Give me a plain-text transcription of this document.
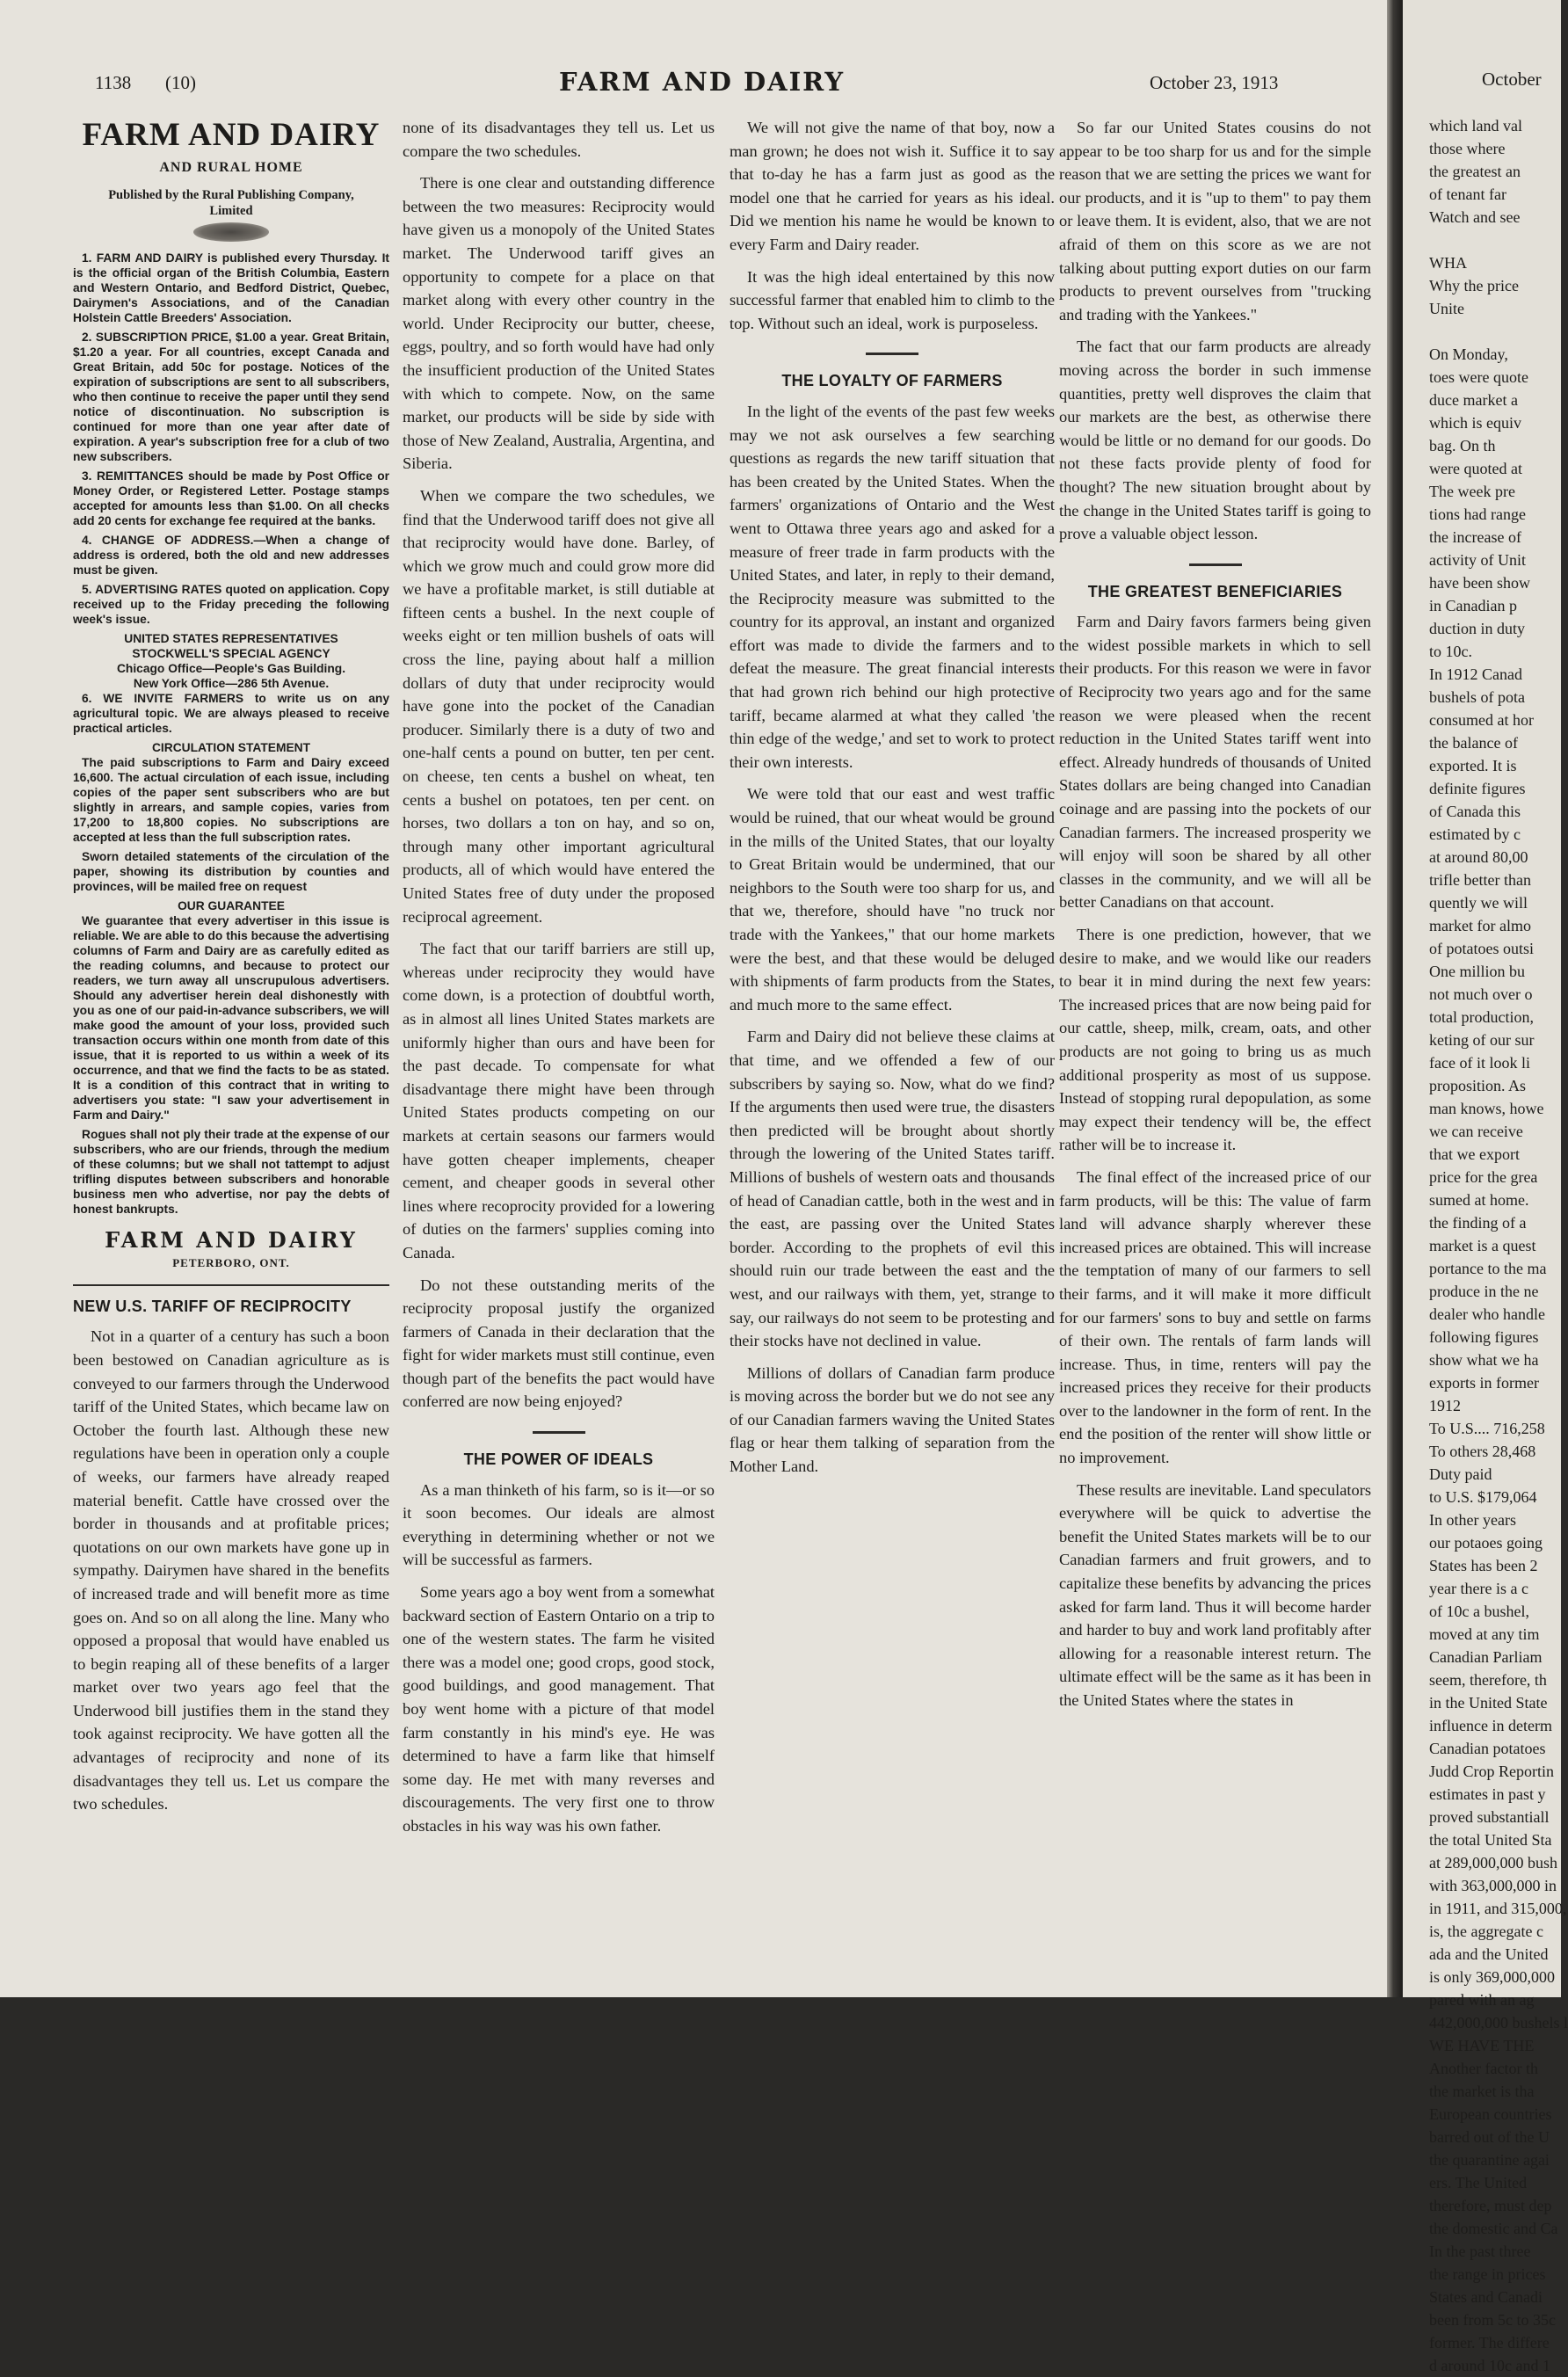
1138 (10)	FARM AND DAIRY	October 23, 1913
FARM AND DAIRY
AND RURAL HOME
Published by the Rural Publishing Company, Limited

1. FARM AND DAIRY is published every Thursday. It is the official organ of the British Columbia, Eastern and Western Ontario, and Bedford District, Quebec, Dairymen's Associations, and of the Canadian Holstein Cattle Breeders' Association.

2. SUBSCRIPTION PRICE, $1.00 a year. Great Britain, $1.20 a year. For all countries, except Canada and Great Britain, add 50c for postage. Notices of the expiration of subscriptions are sent to all subscribers, who then continue to receive the paper until they send notice of discontinuation. No subscription is continued for more than one year after date of expiration. A year's subscription free for a club of two new subscribers.

3. REMITTANCES should be made by Post Office or Money Order, or Registered Letter. Postage stamps accepted for amounts less than $1.00. On all checks add 20 cents for exchange fee required at the banks.

4. CHANGE OF ADDRESS.—When a change of address is ordered, both the old and new addresses must be given.

5. ADVERTISING RATES quoted on application. Copy received up to the Friday preceding the following week's issue.

UNITED STATES REPRESENTATIVES

STOCKWELL'S SPECIAL AGENCY

Chicago Office—People's Gas Building.

New York Office—286 5th Avenue.

6. WE INVITE FARMERS to write us on any agricultural topic. We are always pleased to receive practical articles.

CIRCULATION STATEMENT

The paid subscriptions to Farm and Dairy exceed 16,600. The actual circulation of each issue, including copies of the paper sent subscribers who are but slightly in arrears, and sample copies, varies from 17,200 to 18,800 copies. No subscriptions are accepted at less than the full subscription rates.

Sworn detailed statements of the circulation of the paper, showing its distribution by counties and provinces, will be mailed free on request

OUR GUARANTEE

We guarantee that every advertiser in this issue is reliable. We are able to do this because the advertising columns of Farm and Dairy are as carefully edited as the reading columns, and because to protect our readers, we turn away all unscrupulous advertisers. Should any advertiser herein deal dishonestly with you as one of our paid-in-advance subscribers, we will make good the amount of your loss, provided such transaction occurs within one month from date of this issue, that it is reported to us within a week of its occurrence, and that we find the facts to be as stated. It is a condition of this contract that in writing to advertisers you state: "I saw your advertisement in Farm and Dairy."

Rogues shall not ply their trade at the expense of our subscribers, who are our friends, through the medium of these columns; but we shall not tattempt to adjust trifling disputes between subscribers and honorable business men who advertise, nor pay the debts of honest bankrupts.

FARM AND DAIRY
PETERBORO, ONT.
NEW U.S. TARIFF OF RECIPROCITY

Not in a quarter of a century has such a boon been bestowed on Canadian agriculture as is conveyed to our farmers through the Underwood tariff of the United States, which became law on October the fourth last. Although these new regulations have been in operation only a couple of weeks, our farmers have already reaped material benefit. Cattle have crossed over the border in thousands and at profitable prices; quotations on our own markets have gone up in sympathy. Dairymen have shared in the benefits of increased trade and will benefit more as time goes on. And so on all along the line. Many who opposed a proposal that would have enabled us to begin reaping all of these benefits of a larger market over two years ago feel that the Underwood bill justifies them in the stand they took against reciprocity. We have gotten all the advantages of reciprocity and none of its disadvantages they tell us. Let us compare the two schedules.

none of its disadvantages they tell us. Let us compare the two schedules.

There is one clear and outstanding difference between the two measures: Reciprocity would have given us a monopoly of the United States market. The Underwood tariff gives an opportunity to compete for a place on that market along with every other country in the world. Under Reciprocity our butter, cheese, eggs, poultry, and so forth would have had only the insufficient production of the United States with which to compete. Now, on the same market, our products will be side by side with those of New Zealand, Australia, Argentina, and Siberia.

When we compare the two schedules, we find that the Underwood tariff does not give all that reciprocity would have done. Barley, of which we grow much and could grow more did we have a profitable market, is still dutiable at fifteen cents a bushel. In the next couple of weeks eight or ten million bushels of oats will cross the line, paying about half a million dollars of duty that under reciprocity would have gone into the pocket of the Canadian producer. Similarly there is a duty of two and one-half cents a pound on butter, ten per cent. on cheese, ten cents a bushel on wheat, ten cents a bushel on potatoes, ten per cent. on horses, two dollars a ton on hay, and so on, through many other important agricultural products, all of which would have entered the United States free of duty under the proposed reciprocal agreement.

The fact that our tariff barriers are still up, whereas under reciprocity they would have come down, is a protection of doubtful worth, as in almost all lines United States markets are uniformly higher than ours and have been for the past decade. To compensate for what disadvantage there might have been through United States products competing on our markets at certain seasons our farmers would have gotten cheaper implements, cheaper cement, and cheaper goods in several other lines where recoprocity provided for a lowering of duties on the farmers' supplies coming into Canada.

Do not these outstanding merits of the reciprocity proposal justify the organized farmers of Canada in their declaration that the fight for wider markets must still continue, even though part of the benefits the pact would have conferred are now being enjoyed?

THE POWER OF IDEALS

As a man thinketh of his farm, so is it—or so it soon becomes. Our ideals are almost everything in determining whether or not we will be successful as farmers.

Some years ago a boy went from a somewhat backward section of Eastern Ontario on a trip to one of the western states. The farm he visited there was a model one; good crops, good stock, good buildings, and good management. That boy went home with a picture of that model farm constantly in his mind's eye. He was determined to have a farm like that himself some day. He met with many reverses and discouragements. The very first one to throw obstacles in his way was his own father.

We will not give the name of that boy, now a man grown; he does not wish it. Suffice it to say that to-day he has a farm just as good as the model one that he carried for years as his ideal. Did we mention his name he would be known to every Farm and Dairy reader.

It was the high ideal entertained by this now successful farmer that enabled him to climb to the top. Without such an ideal, work is purposeless.

THE LOYALTY OF FARMERS

In the light of the events of the past few weeks may we not ask ourselves a few searching questions as regards the new tariff situation that has been created by the United States. When the farmers' organizations of Ontario and the West went to Ottawa three years ago and asked for a measure of freer trade in farm products with the United States, and later, in reply to their demand, the Reciprocity measure was submitted to the country for its approval, an instant and organized effort was made to divide the farmers and to defeat the measure. The great financial interests that had grown rich behind our high protective tariff, became alarmed at what they called 'the thin edge of the wedge,' and set to work to protect their own interests.

We were told that our east and west traffic would be ruined, that our wheat would be ground in the mills of the United States, that our loyalty to Great Britain would be undermined, that our neighbors to the South were too sharp for us, and that we, therefore, should have "no truck nor trade with the Yankees," that our home markets were the best, and that these would be deluged with shipments of farm products from the States, and much more to the same effect.

Farm and Dairy did not believe these claims at that time, and we offended a few of our subscribers by saying so. Now, what do we find? If the arguments then used were true, the disasters then predicted will be brought about shortly through the lowering of the United States tariff. Millions of bushels of western oats and thousands of head of Canadian cattle, both in the west and in the east, are passing over the United States border. According to the prophets of evil this should ruin our trade between the east and the west, and our railways with them, yet, strange to say, our railways do not seem to be protesting and their stocks have not declined in value.

Millions of dollars of Canadian farm produce is moving across the border but we do not see any of our Canadian farmers waving the United States flag or hear them talking of separation from the Mother Land.

So far our United States cousins do not appear to be too sharp for us and for the simple reason that we are setting the prices we want for our products, and it is "up to them" to pay them or leave them. It is evident, also, that we are not afraid of them on this score as we are not talking about putting export duties on our farm products to prevent ourselves from "trucking and trading with the Yankees."

The fact that our farm products are already moving across the border in such immense quantities, pretty well disproves the claim that our markets are the best, as otherwise there would be little or no demand for our goods. Do not these facts provide plenty of food for thought? The new situation brought about by the change in the United States tariff is going to prove a valuable object lesson.

THE GREATEST BENEFICIARIES

Farm and Dairy favors farmers being given the widest possible markets in which to sell their products. For this reason we were in favor of Reciprocity two years ago and for the same reason we were pleased when the recent reduction in the United States tariff went into effect. Already hundreds of thousands of United States dollars are being changed into Canadian coinage and are passing into the pockets of our Canadian farmers. The increased prosperity we will enjoy will soon be shared by all other classes in the community, and we will all be better Canadians on that account.

There is one prediction, however, that we desire to make, and we would like our readers to bear it in mind during the next few years: The increased prices that are now being paid for our cattle, sheep, milk, cream, oats, and other products are not going to bring us as much additional prosperity as most of us suppose. Instead of stopping rural depopulation, as some may expect their tendency will be, the effect rather will be to increase it.

The final effect of the increased price of our farm products, will be this: The value of farm land will advance sharply wherever these increased prices are obtained. This will increase the temptation of many of our farmers to sell their farms, and it will make it more difficult for our farmers' sons to buy and settle on farms of their own. The rentals of farm lands will increase. Thus, in time, renters will pay the increased prices they receive for their products over to the landowner in the form of rent. In the end the position of the renter will show little or no improvement.

These results are inevitable. Land speculators everywhere will be quick to advertise the benefit the United States markets will be to our Canadian farmers and fruit growers, and to capitalize these benefits by advancing the prices asked for farm land. Thus it will become harder and harder to buy and work land profitably after allowing for a reasonable interest return. The ultimate effect will be the same as it has been in the United States where the states in

October
which land val
those where
the greatest an
of tenant far
Watch and see

WHA
Why the price
Unite

On Monday,
toes were quote
duce market a
which is equiv
bag. On th
were quoted at
The week pre
tions had range
the increase of
activity of Unit
have been show
in Canadian p
duction in duty
to 10c.
In 1912 Canad
bushels of pota
consumed at hor
the balance of
exported. It is
definite figures
of Canada this
estimated by c
at around 80,00
trifle better than
quently we will
market for almo
of potatoes outsi
One million bu
not much over o
total production,
keting of our sur
face of it look li
proposition. As
man knows, howe
we can receive
that we export
price for the grea
sumed at home.
the finding of a
market is a quest
portance to the ma
produce in the ne
dealer who handle
following figures
show what we ha
exports in former
1912
To U.S.... 716,258
To others 28,468
Duty paid
to U.S. $179,064
In other years
our potaoes going
States has been 2
year there is a c
of 10c a bushel,
moved at any tim
Canadian Parliam
seem, therefore, th
in the United State
influence in determ
Canadian potatoes
Judd Crop Reportin
estimates in past y
proved substantiall
the total United Sta
at 289,000,000 bush
with 363,000,000 in
in 1911, and 315,000,
is, the aggregate c
ada and the United
is only 369,000,000
pared with an ag
442,000,000 bushels l
WE HAVE THE
Another factor th
the market is tha
European countries
barred out of the U
the quarantine agai
ers. The United
therefore, must dep
the domestic and Ca
In the past three
the range in prices
States and Canadi
been from 5c to 35c
former. The differe
d around 10c and 1
